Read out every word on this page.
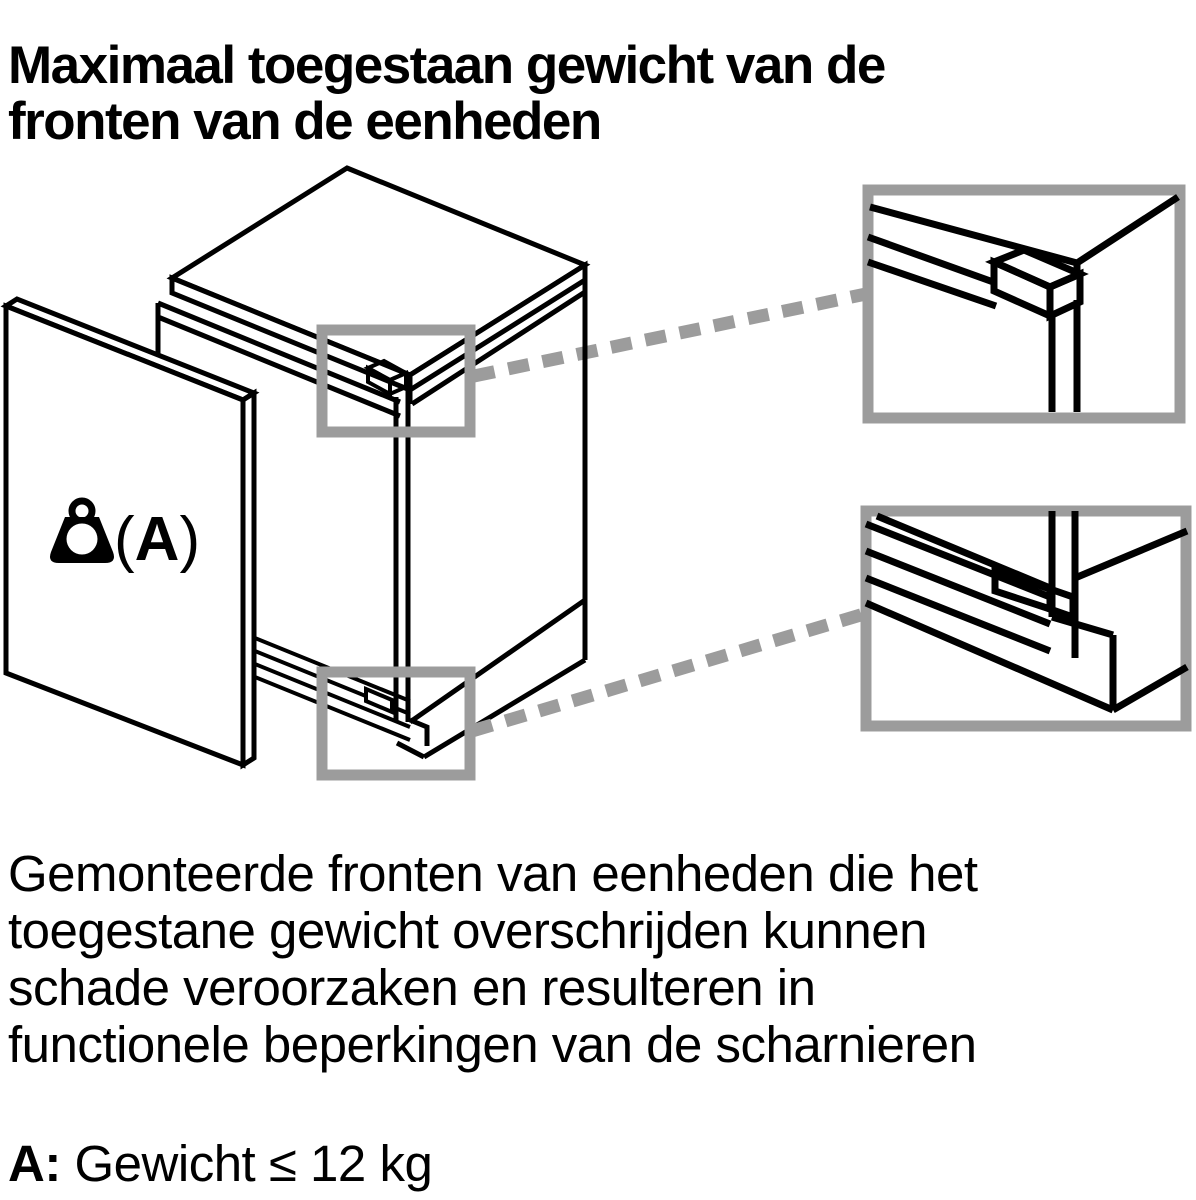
Maximaal toegestaan gewicht van de
fronten van de eenheden
(A)
Gemonteerde fronten van eenheden die het
toegestane gewicht overschrijden kunnen
schade veroorzaken en resulteren in
functionele beperkingen van de scharnieren
A: Gewicht ≤ 12 kg
